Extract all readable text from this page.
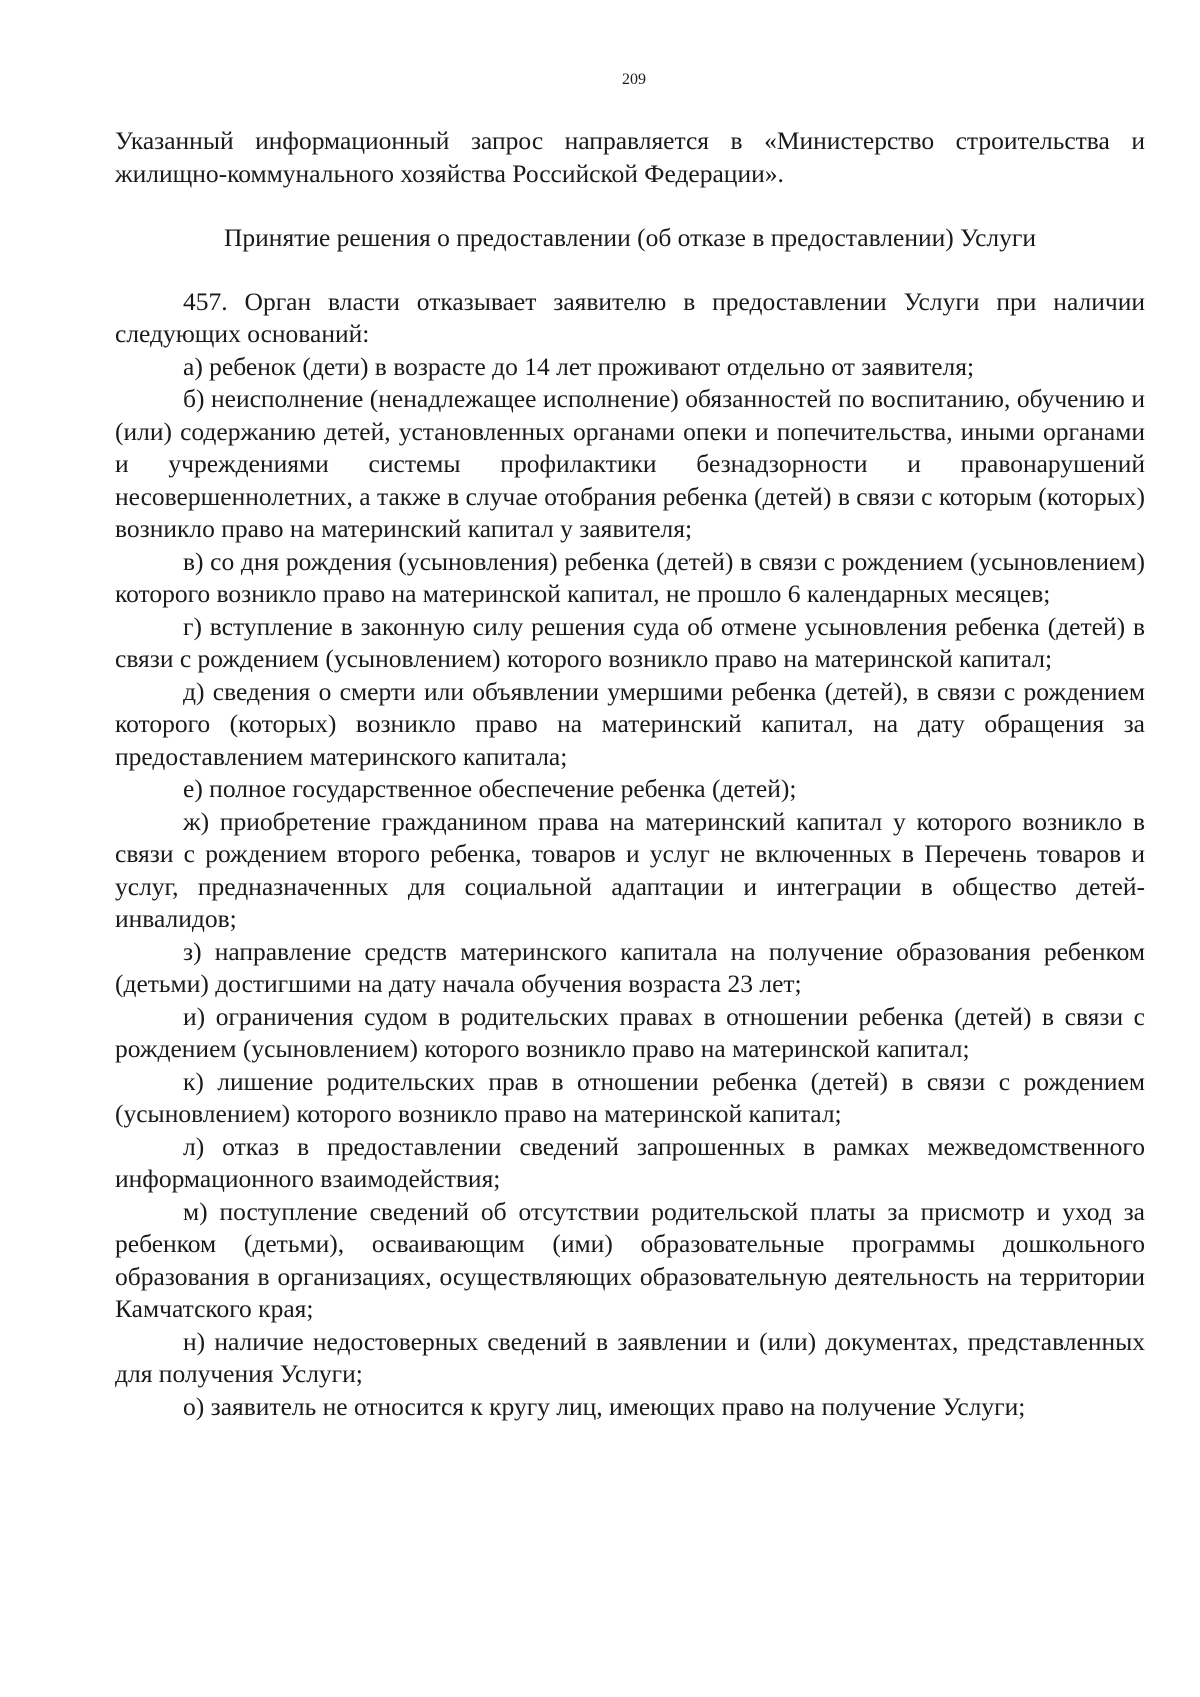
209

Указанный информационный запрос направляется в «Министерство строительства и жилищно-коммунального хозяйства Российской Федерации».

Принятие решения о предоставлении (об отказе в предоставлении) Услуги

457. Орган власти отказывает заявителю в предоставлении Услуги при наличии следующих оснований:

а) ребенок (дети) в возрасте до 14 лет проживают отдельно от заявителя;

б) неисполнение (ненадлежащее исполнение) обязанностей по воспитанию, обучению и (или) содержанию детей, установленных органами опеки и попечительства, иными органами и учреждениями системы профилактики безнадзорности и правонарушений несовершеннолетних, а также в случае отобрания ребенка (детей) в связи с которым (которых) возникло право на материнский капитал у заявителя;

в) со дня рождения (усыновления) ребенка (детей) в связи с рождением (усыновлением) которого возникло право на материнской капитал, не прошло 6 календарных месяцев;

г) вступление в законную силу решения суда об отмене усыновления ребенка (детей) в связи с рождением (усыновлением) которого возникло право на материнской капитал;

д) сведения о смерти или объявлении умершими ребенка (детей), в связи с рождением которого (которых) возникло право на материнский капитал, на дату обращения за предоставлением материнского капитала;

е) полное государственное обеспечение ребенка (детей);

ж) приобретение гражданином права на материнский капитал у которого возникло в связи с рождением второго ребенка, товаров и услуг не включенных в Перечень товаров и услуг, предназначенных для социальной адаптации и интеграции в общество детей-инвалидов;

з) направление средств материнского капитала на получение образования ребенком (детьми) достигшими на дату начала обучения возраста 23 лет;

и) ограничения судом в родительских правах в отношении ребенка (детей) в связи с рождением (усыновлением) которого возникло право на материнской капитал;

к) лишение родительских прав в отношении ребенка (детей) в связи с рождением (усыновлением) которого возникло право на материнской капитал;

л) отказ в предоставлении сведений запрошенных в рамках межведомственного информационного взаимодействия;

м) поступление сведений об отсутствии родительской платы за присмотр и уход за ребенком (детьми), осваивающим (ими) образовательные программы дошкольного образования в организациях, осуществляющих образовательную деятельность на территории Камчатского края;

н) наличие недостоверных сведений в заявлении и (или) документах, представленных для получения Услуги;

о) заявитель не относится к кругу лиц, имеющих право на получение Услуги;
